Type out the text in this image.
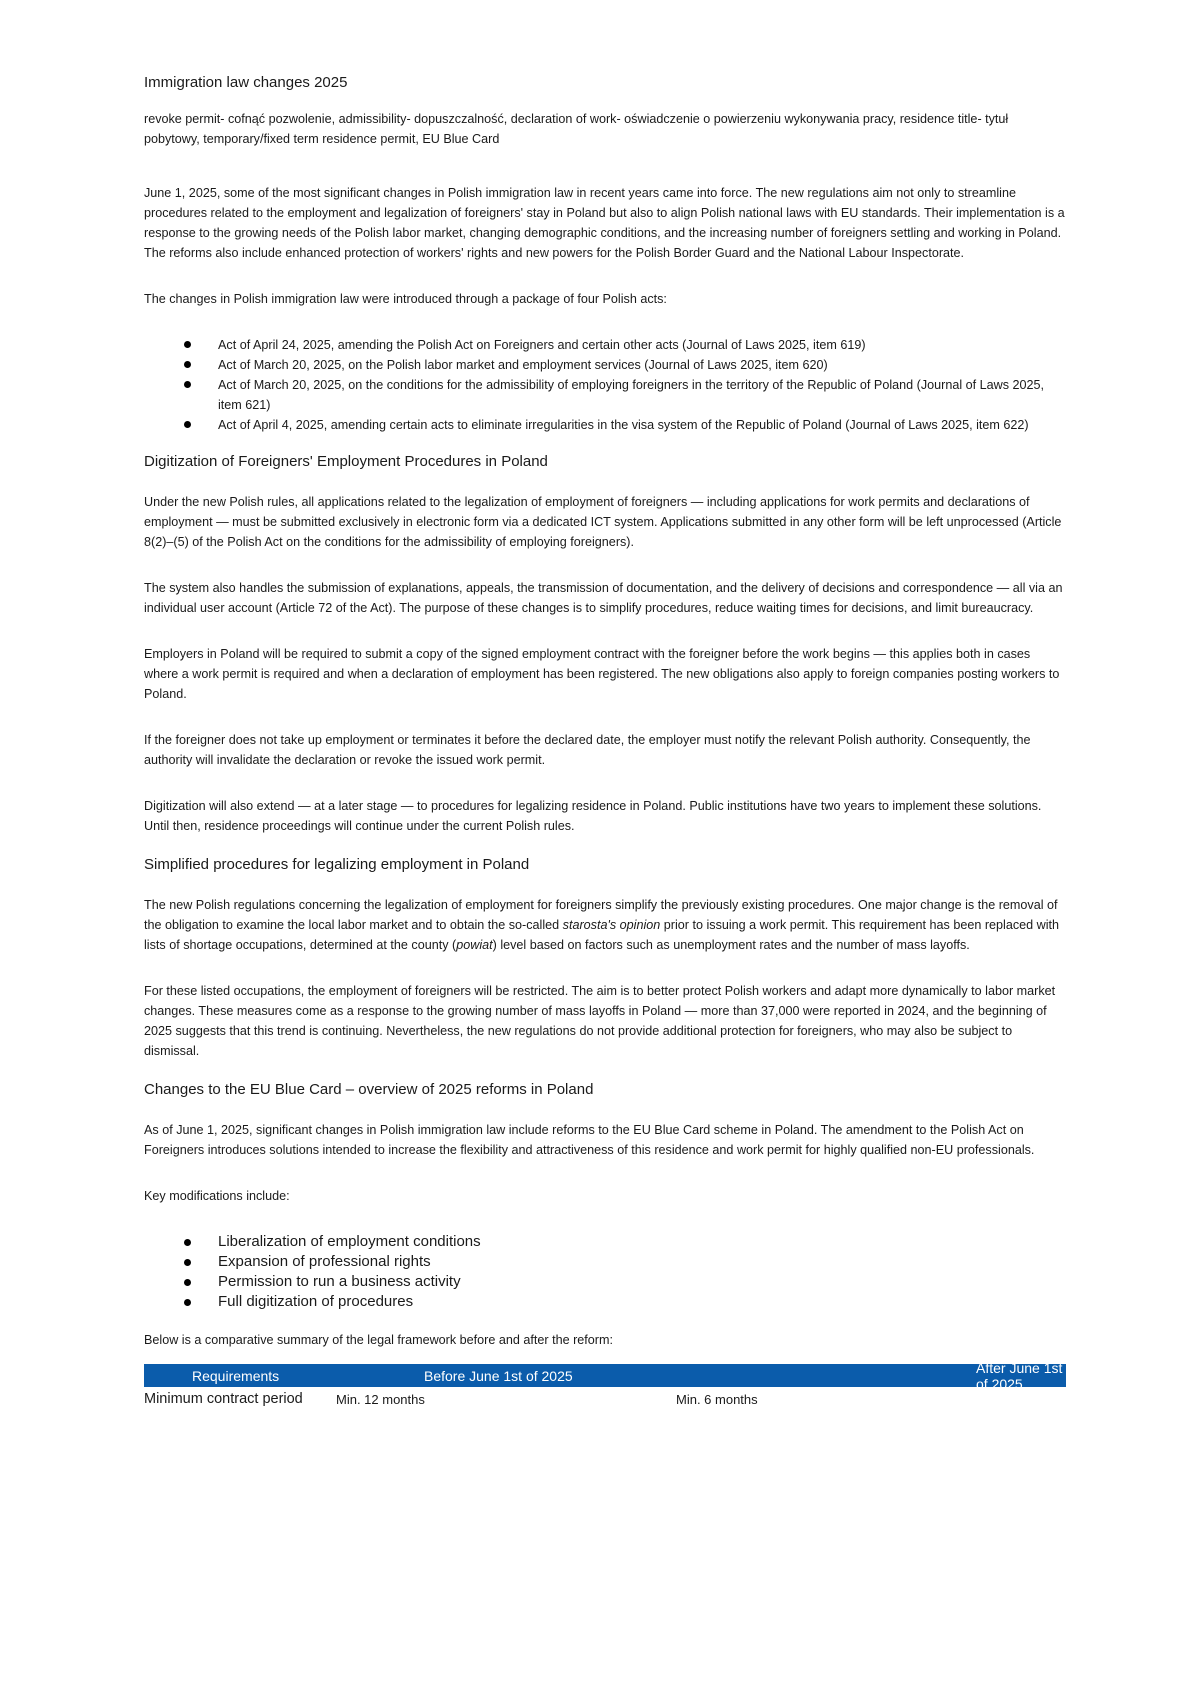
Immigration law changes 2025

revoke permit- cofnąć pozwolenie, admissibility- dopuszczalność, declaration of work- oświadczenie o powierzeniu wykonywania pracy, residence title- tytuł pobytowy, temporary/fixed term residence permit, EU Blue Card

June 1, 2025, some of the most significant changes in Polish immigration law in recent years came into force. The new regulations aim not only to streamline procedures related to the employment and legalization of foreigners' stay in Poland but also to align Polish national laws with EU standards. Their implementation is a response to the growing needs of the Polish labor market, changing demographic conditions, and the increasing number of foreigners settling and working in Poland. The reforms also include enhanced protection of workers' rights and new powers for the Polish Border Guard and the National Labour Inspectorate.

The changes in Polish immigration law were introduced through a package of four Polish acts:

Act of April 24, 2025, amending the Polish Act on Foreigners and certain other acts (Journal of Laws 2025, item 619)
Act of March 20, 2025, on the Polish labor market and employment services (Journal of Laws 2025, item 620)
Act of March 20, 2025, on the conditions for the admissibility of employing foreigners in the territory of the Republic of Poland (Journal of Laws 2025, item 621)
Act of April 4, 2025, amending certain acts to eliminate irregularities in the visa system of the Republic of Poland (Journal of Laws 2025, item 622)
Digitization of Foreigners' Employment Procedures in Poland

Under the new Polish rules, all applications related to the legalization of employment of foreigners — including applications for work permits and declarations of employment — must be submitted exclusively in electronic form via a dedicated ICT system. Applications submitted in any other form will be left unprocessed (Article 8(2)–(5) of the Polish Act on the conditions for the admissibility of employing foreigners).

The system also handles the submission of explanations, appeals, the transmission of documentation, and the delivery of decisions and correspondence — all via an individual user account (Article 72 of the Act). The purpose of these changes is to simplify procedures, reduce waiting times for decisions, and limit bureaucracy.

Employers in Poland will be required to submit a copy of the signed employment contract with the foreigner before the work begins — this applies both in cases where a work permit is required and when a declaration of employment has been registered. The new obligations also apply to foreign companies posting workers to Poland.

If the foreigner does not take up employment or terminates it before the declared date, the employer must notify the relevant Polish authority. Consequently, the authority will invalidate the declaration or revoke the issued work permit.

Digitization will also extend — at a later stage — to procedures for legalizing residence in Poland. Public institutions have two years to implement these solutions. Until then, residence proceedings will continue under the current Polish rules.

Simplified procedures for legalizing employment in Poland

The new Polish regulations concerning the legalization of employment for foreigners simplify the previously existing procedures. One major change is the removal of the obligation to examine the local labor market and to obtain the so-called starosta's opinion prior to issuing a work permit. This requirement has been replaced with lists of shortage occupations, determined at the county (powiat) level based on factors such as unemployment rates and the number of mass layoffs.

For these listed occupations, the employment of foreigners will be restricted. The aim is to better protect Polish workers and adapt more dynamically to labor market changes. These measures come as a response to the growing number of mass layoffs in Poland — more than 37,000 were reported in 2024, and the beginning of 2025 suggests that this trend is continuing. Nevertheless, the new regulations do not provide additional protection for foreigners, who may also be subject to dismissal.

Changes to the EU Blue Card – overview of 2025 reforms in Poland

As of June 1, 2025, significant changes in Polish immigration law include reforms to the EU Blue Card scheme in Poland. The amendment to the Polish Act on Foreigners introduces solutions intended to increase the flexibility and attractiveness of this residence and work permit for highly qualified non-EU professionals.

Key modifications include:

Liberalization of employment conditions
Expansion of professional rights
Permission to run a business activity
Full digitization of procedures

Below is a comparative summary of the legal framework before and after the reform:

Requirements	Before June 1st of 2025	After June 1st of 2025
Minimum contract period	Min. 12 months	Min. 6 months
